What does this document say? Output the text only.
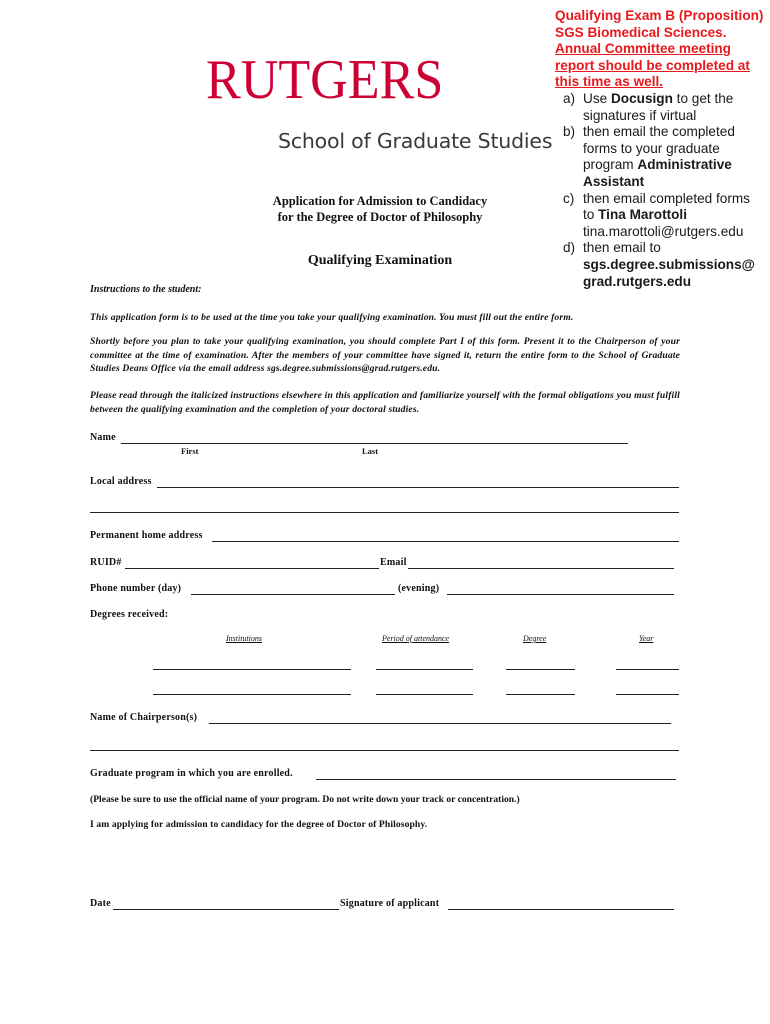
RUTGERS
School of Graduate Studies
Qualifying Exam B (Proposition) SGS Biomedical Sciences. Annual Committee meeting report should be completed at this time as well.
a) Use Docusign to get the signatures if virtual
b) then email the completed forms to your graduate program Administrative Assistant
c) then email completed forms to Tina Marottoli tina.marottoli@rutgers.edu
d) then email to sgs.degree.submissions@ grad.rutgers.edu
Application for Admission to Candidacy
for the Degree of Doctor of Philosophy
Qualifying Examination
Instructions to the student:
This application form is to be used at the time you take your qualifying examination. You must fill out the entire form.
Shortly before you plan to take your qualifying examination, you should complete Part I of this form. Present it to the Chairperson of your committee at the time of examination. After the members of your committee have signed it, return the entire form to the School of Graduate Studies Deans Office via the email address sgs.degree.submissions@grad.rutgers.edu.
Please read through the italicized instructions elsewhere in this application and familiarize yourself with the formal obligations you must fulfill between the qualifying examination and the completion of your doctoral studies.
Name
First	Last
Local address
Permanent home address
RUID#	Email
Phone number (day)	(evening)
Degrees received:
Institutions	Period of attendance	Degree	Year
Name of Chairperson(s)
Graduate program in which you are enrolled.
(Please be sure to use the official name of your program. Do not write down your track or concentration.)
I am applying for admission to candidacy for the degree of Doctor of Philosophy.
Date	Signature of applicant
